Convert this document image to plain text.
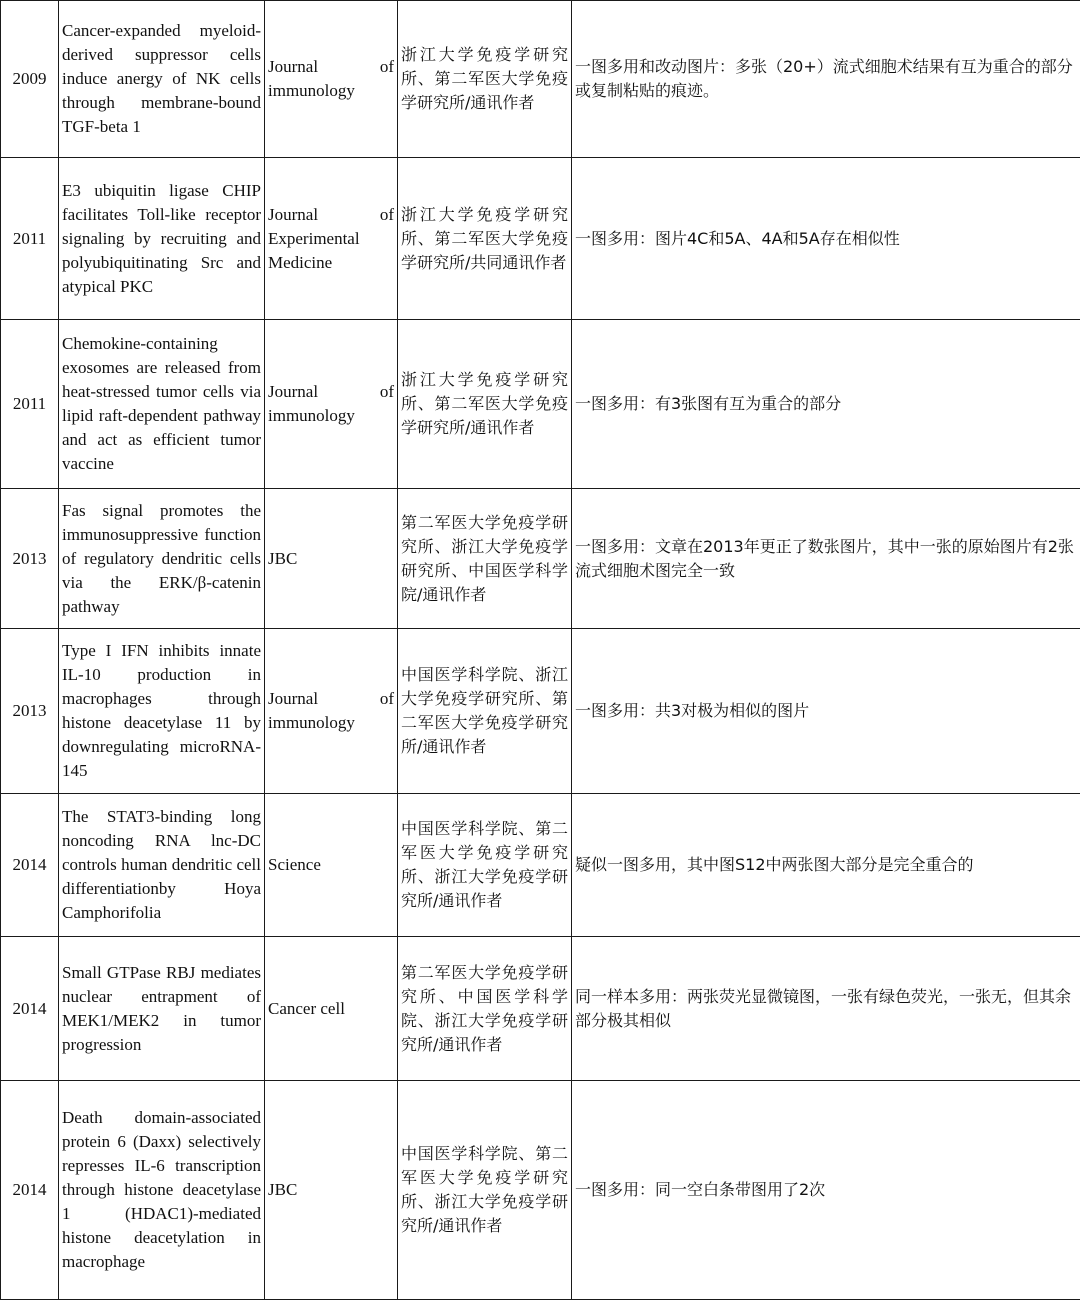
2009	Cancer-expanded myeloid-derived suppressor cells induce anergy of NK cells through membrane-bound TGF-beta 1	Journal of immunology	浙江大学免疫学研究所、第二军医大学免疫学研究所/通讯作者	一图多用和改动图片：多张（20+）流式细胞术结果有互为重合的部分或复制粘贴的痕迹。
2011	E3 ubiquitin ligase CHIP facilitates Toll-like receptor signaling by recruiting and polyubiquitinating Src and atypical PKC	Journal of Experimental Medicine	浙江大学免疫学研究所、第二军医大学免疫学研究所/共同通讯作者	一图多用：图片4C和5A、4A和5A存在相似性
2011	Chemokine-containing exosomes are released from heat-stressed tumor cells via lipid raft-dependent pathway and act as efficient tumor vaccine	Journal of immunology	浙江大学免疫学研究所、第二军医大学免疫学研究所/通讯作者	一图多用：有3张图有互为重合的部分
2013	Fas signal promotes the immunosuppressive function of regulatory dendritic cells via the ERK/β-catenin pathway	JBC	第二军医大学免疫学研究所、浙江大学免疫学研究所、中国医学科学院/通讯作者	一图多用：文章在2013年更正了数张图片，其中一张的原始图片有2张流式细胞术图完全一致
2013	Type I IFN inhibits innate IL-10 production in macrophages through histone deacetylase 11 by downregulating microRNA-145	Journal of immunology	中国医学科学院、浙江大学免疫学研究所、第二军医大学免疫学研究所/通讯作者	一图多用：共3对极为相似的图片
2014	The STAT3-binding long noncoding RNA lnc-DC controls human dendritic cell differentiationby Hoya Camphorifolia	Science	中国医学科学院、第二军医大学免疫学研究所、浙江大学免疫学研究所/通讯作者	疑似一图多用，其中图S12中两张图大部分是完全重合的
2014	Small GTPase RBJ mediates nuclear entrapment of MEK1/MEK2 in tumor progression	Cancer cell	第二军医大学免疫学研究所、中国医学科学院、浙江大学免疫学研究所/通讯作者	同一样本多用：两张荧光显微镜图，一张有绿色荧光，一张无，但其余部分极其相似
2014	Death domain-associated protein 6 (Daxx) selectively represses IL-6 transcription through histone deacetylase 1 (HDAC1)-mediated histone deacetylation in macrophage	JBC	中国医学科学院、第二军医大学免疫学研究所、浙江大学免疫学研究所/通讯作者	一图多用：同一空白条带图用了2次
